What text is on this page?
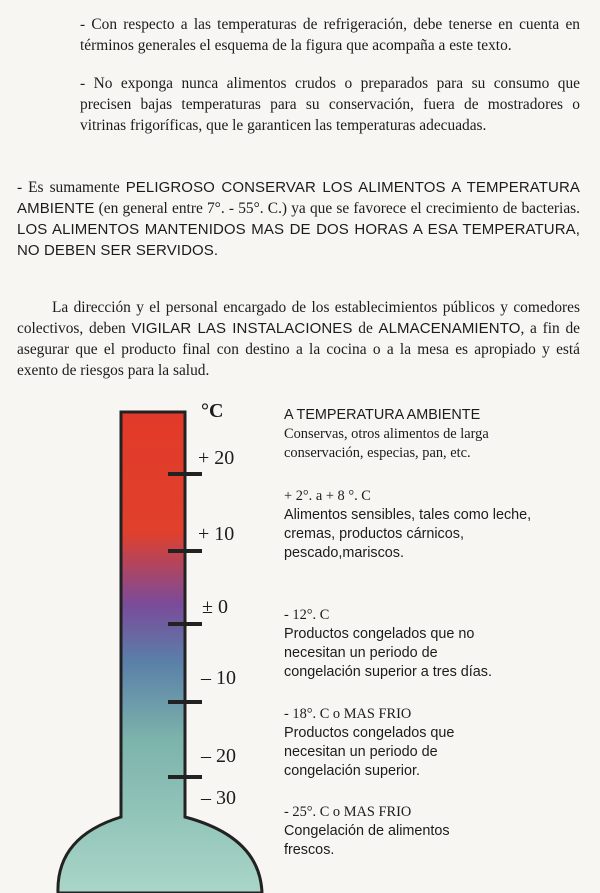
- Con respecto a las temperaturas de refrigeración, debe tenerse en cuenta en términos generales el esquema de la figura que acompaña a este texto.

- No exponga nunca alimentos crudos o preparados para su consumo que precisen bajas temperaturas para su conservación, fuera de mostradores o vitrinas frigoríficas, que le garanticen las temperaturas adecuadas.

- Es sumamente PELIGROSO CONSERVAR LOS ALIMENTOS A TEMPERATURA AMBIENTE (en general entre 7°. - 55°. C.) ya que se favorece el crecimiento de bacterias. LOS ALIMENTOS MANTENIDOS MAS DE DOS HORAS A ESA TEMPERATURA, NO DEBEN SER SERVIDOS.

La dirección y el personal encargado de los establecimientos públicos y comedores colectivos, deben VIGILAR LAS INSTALACIONES de ALMACENAMIENTO, a fin de asegurar que el producto final con destino a la cocina o a la mesa es apropiado y está exento de riesgos para la salud.

°C
+ 20
+ 10
± 0
– 10
– 20
– 30
A TEMPERATURA AMBIENTE
Conservas, otros alimentos de larga conservación, especias, pan, etc.
+ 2°. a + 8 °. C
Alimentos sensibles, tales como leche, cremas, productos cárnicos, pescado,mariscos.
- 12°. C
Productos congelados que no necesitan un periodo de congelación superior a tres días.
- 18°. C o MAS FRIO
Productos congelados que necesitan un periodo de congelación superior.
- 25°. C o MAS FRIO
Congelación de alimentos frescos.
